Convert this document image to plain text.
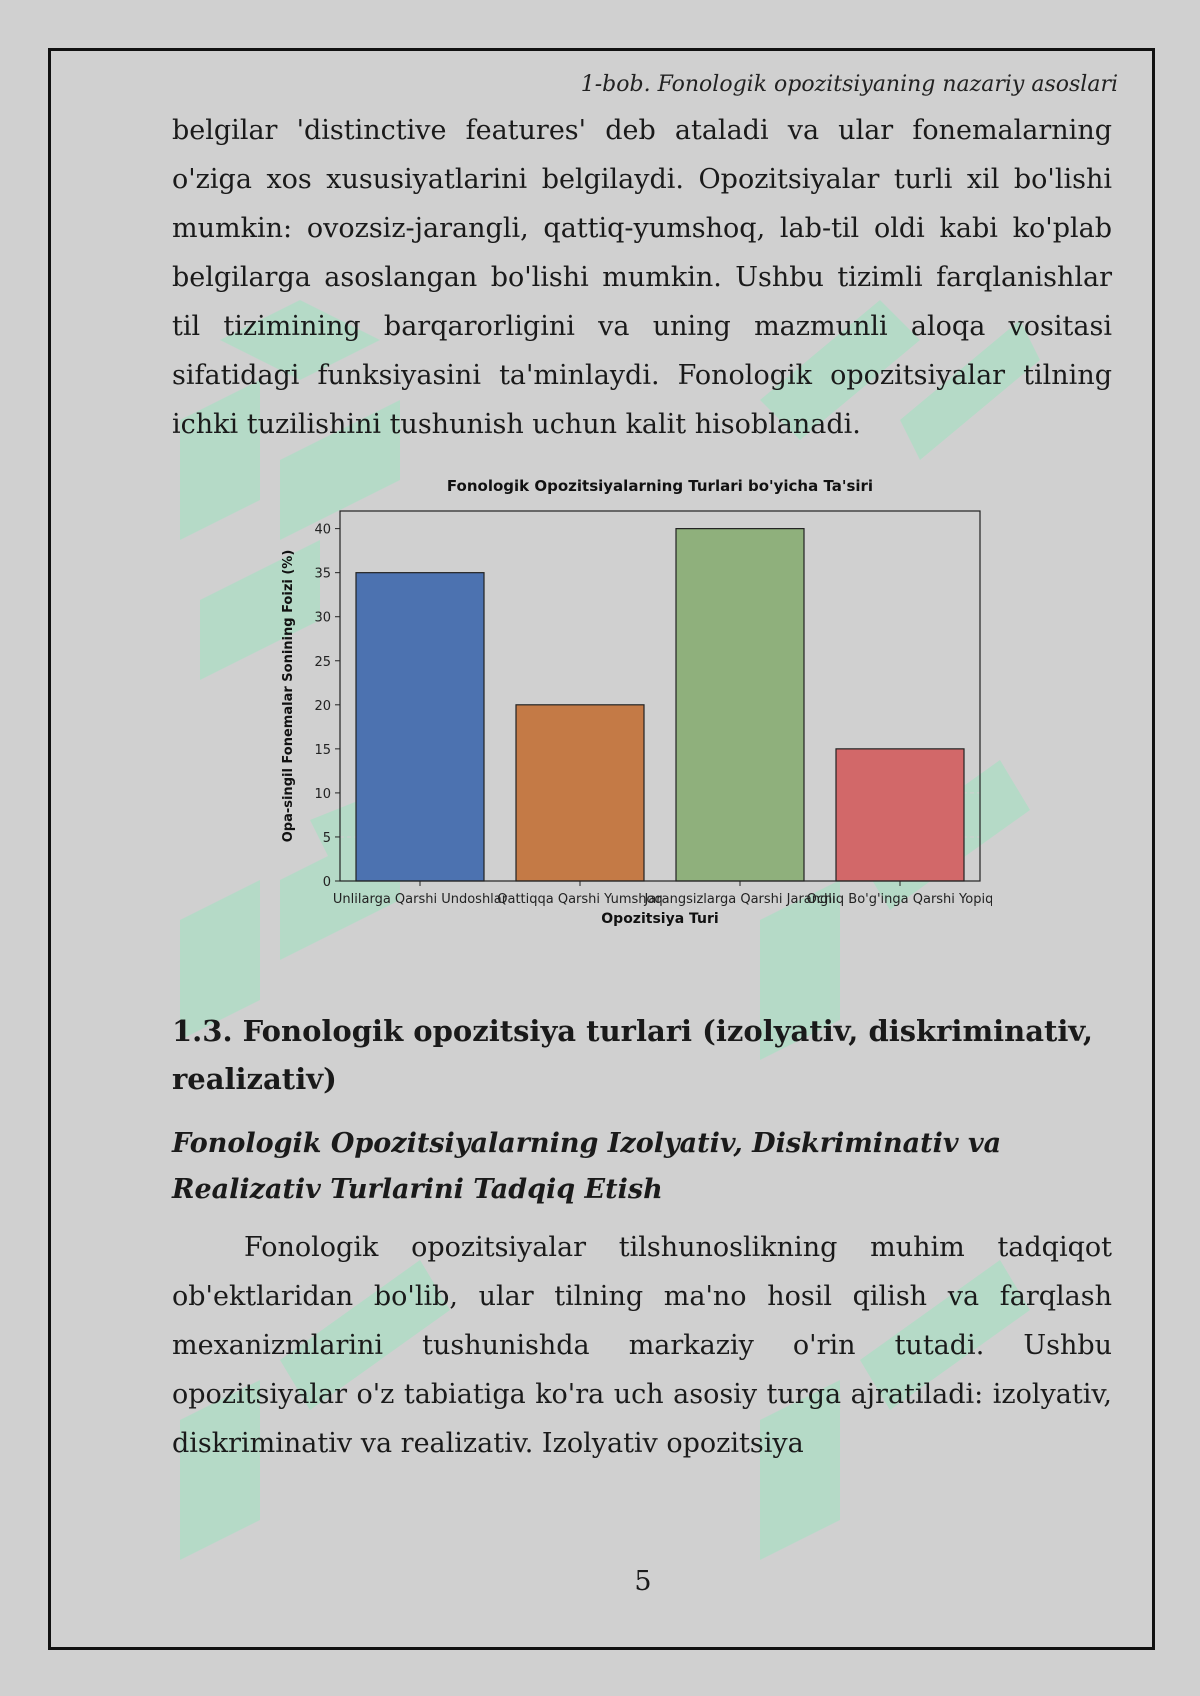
1-bob. Fonologik opozitsiyaning nazariy asoslari

belgilar 'distinctive features' deb ataladi va ular fonemalarning o'ziga xos xususiyatlarini belgilaydi. Opozitsiyalar turli xil bo'lishi mumkin: ovozsiz-jarangli, qattiq-yumshoq, lab-til oldi kabi ko'plab belgilarga asoslangan bo'lishi mumkin. Ushbu tizimli farqlanishlar til tizimining barqarorligini va uning mazmunli aloqa vositasi sifatidagi funksiyasini ta'minlaydi. Fonologik opozitsiyalar tilning ichki tuzilishini tushunish uchun kalit hisoblanadi.

Fonologik Opozitsiyalarning Turlari bo'yicha Ta'siri
0
5
10
15
20
25
30
35
40
Unlilarga Qarshi Undoshlar
Qattiqqa Qarshi Yumshoq
Jarangsizlarga Qarshi Jarangli
Ochiq Bo'g'inga Qarshi Yopiq
Opozitsiya Turi
Opa-singil Fonemalar Sonining Foizi (%)
1.3. Fonologik opozitsiya turlari (izolyativ, diskriminativ, realizativ)
Fonologik Opozitsiyalarning Izolyativ, Diskriminativ va Realizativ Turlarini Tadqiq Etish

Fonologik opozitsiyalar tilshunoslikning muhim tadqiqot ob'ektlaridan bo'lib, ular tilning ma'no hosil qilish va farqlash mexanizmlarini tushunishda markaziy o'rin tutadi. Ushbu opozitsiyalar o'z tabiatiga ko'ra uch asosiy turga ajratiladi: izolyativ, diskriminativ va realizativ. Izolyativ opozitsiya

5
